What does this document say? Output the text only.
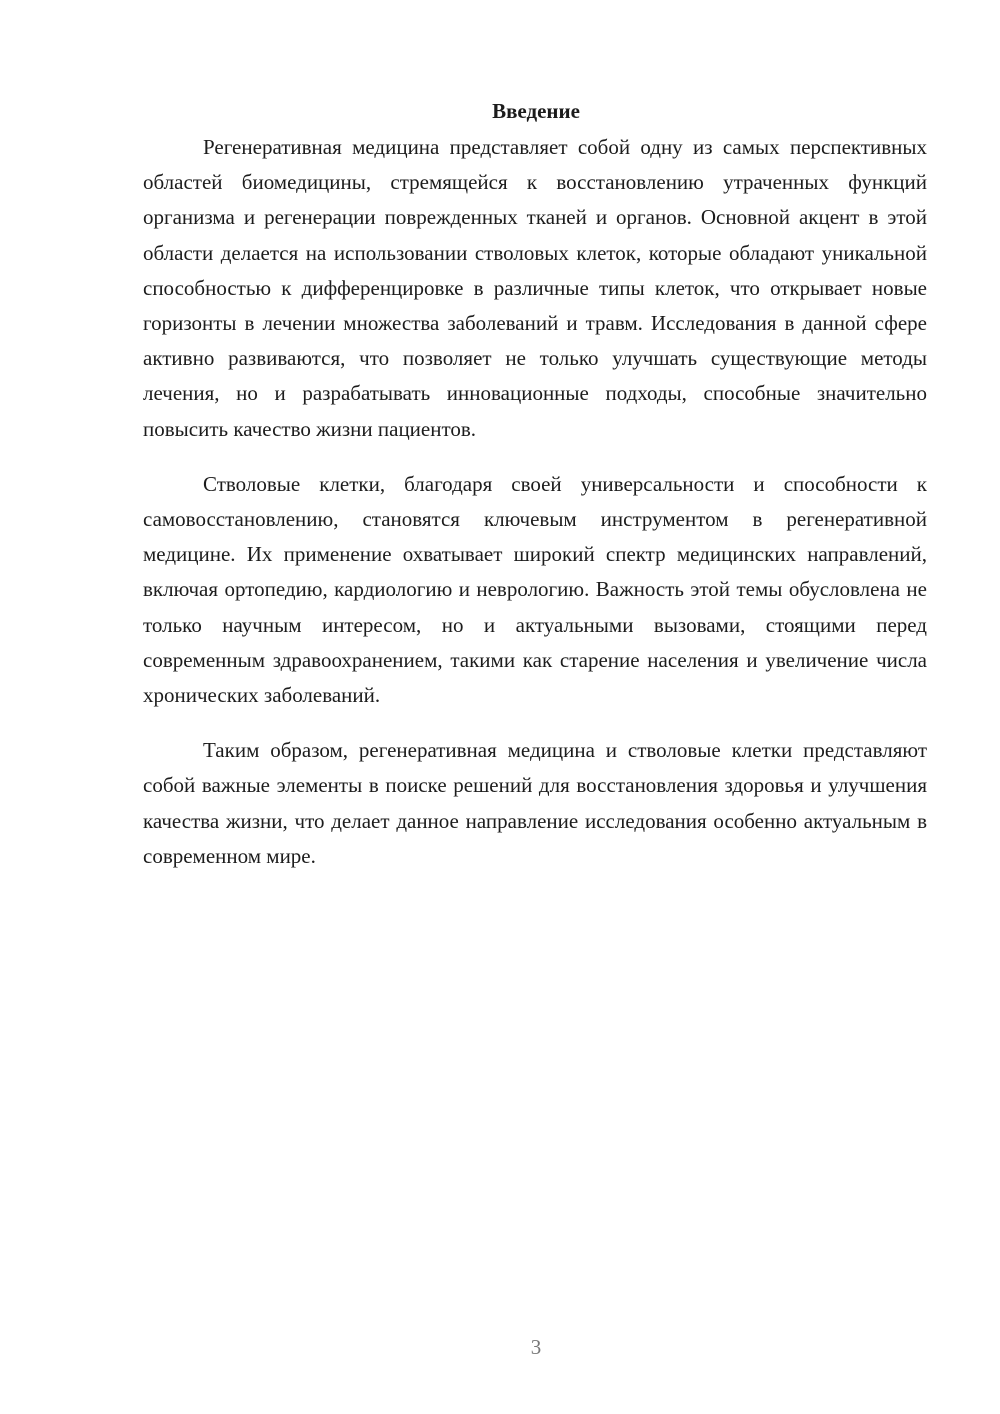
Введение

Регенеративная медицина представляет собой одну из самых перспективных областей биомедицины, стремящейся к восстановлению утраченных функций организма и регенерации поврежденных тканей и органов. Основной акцент в этой области делается на использовании стволовых клеток, которые обладают уникальной способностью к дифференцировке в различные типы клеток, что открывает новые горизонты в лечении множества заболеваний и травм. Исследования в данной сфере активно развиваются, что позволяет не только улучшать существующие методы лечения, но и разрабатывать инновационные подходы, способные значительно повысить качество жизни пациентов.

Стволовые клетки, благодаря своей универсальности и способности к самовосстановлению, становятся ключевым инструментом в регенеративной медицине. Их применение охватывает широкий спектр медицинских направлений, включая ортопедию, кардиологию и неврологию. Важность этой темы обусловлена не только научным интересом, но и актуальными вызовами, стоящими перед современным здравоохранением, такими как старение населения и увеличение числа хронических заболеваний.

Таким образом, регенеративная медицина и стволовые клетки представляют собой важные элементы в поиске решений для восстановления здоровья и улучшения качества жизни, что делает данное направление исследования особенно актуальным в современном мире.

3
